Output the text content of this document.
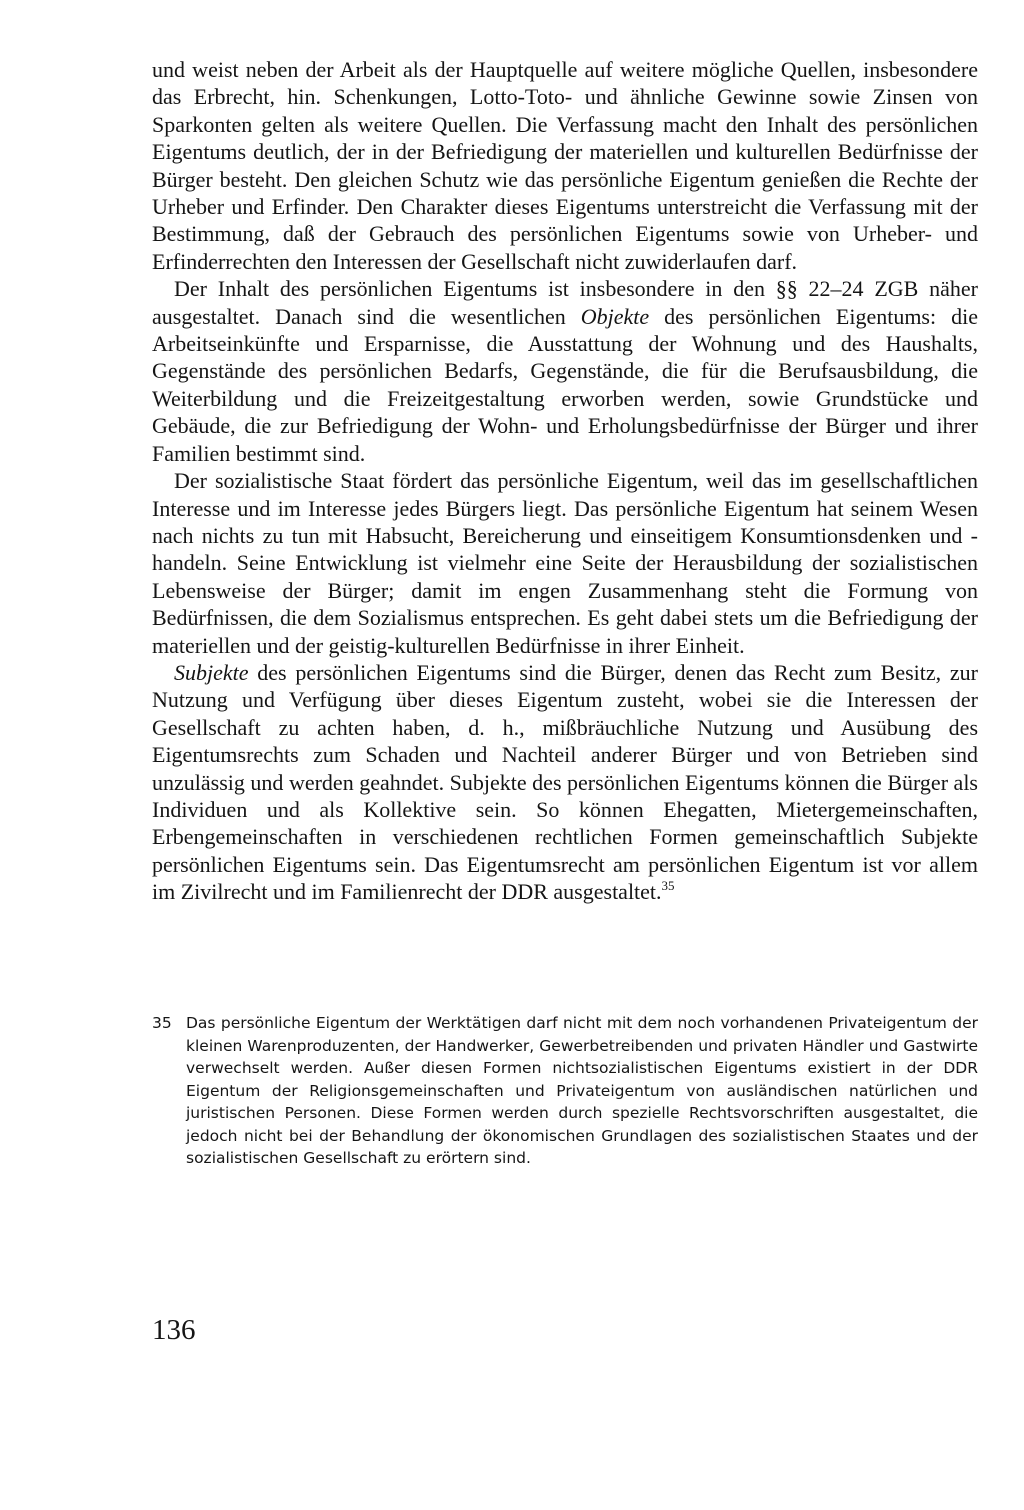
und weist neben der Arbeit als der Hauptquelle auf weitere mögliche Quellen, insbesondere das Erbrecht, hin. Schenkungen, Lotto-Toto- und ähnliche Gewinne sowie Zinsen von Sparkonten gelten als weitere Quellen. Die Verfassung macht den Inhalt des persönlichen Eigentums deutlich, der in der Befriedigung der materiellen und kulturellen Bedürfnisse der Bürger besteht. Den gleichen Schutz wie das persönliche Eigentum genießen die Rechte der Urheber und Erfinder. Den Charakter dieses Eigentums unterstreicht die Verfassung mit der Bestimmung, daß der Gebrauch des persönlichen Eigentums sowie von Urheber- und Erfinderrechten den Interessen der Gesellschaft nicht zuwiderlaufen darf.

Der Inhalt des persönlichen Eigentums ist insbesondere in den §§ 22–24 ZGB näher ausgestaltet. Danach sind die wesentlichen Objekte des persönlichen Eigentums: die Arbeitseinkünfte und Ersparnisse, die Ausstattung der Wohnung und des Haushalts, Gegenstände des persönlichen Bedarfs, Gegenstände, die für die Berufsausbildung, die Weiterbildung und die Freizeitgestaltung erworben werden, sowie Grundstücke und Gebäude, die zur Befriedigung der Wohn- und Erholungsbedürfnisse der Bürger und ihrer Familien bestimmt sind.

Der sozialistische Staat fördert das persönliche Eigentum, weil das im gesellschaftlichen Interesse und im Interesse jedes Bürgers liegt. Das persönliche Eigentum hat seinem Wesen nach nichts zu tun mit Habsucht, Bereicherung und einseitigem Konsumtionsdenken und -handeln. Seine Entwicklung ist vielmehr eine Seite der Herausbildung der sozialistischen Lebensweise der Bürger; damit im engen Zusammenhang steht die Formung von Bedürfnissen, die dem Sozialismus entsprechen. Es geht dabei stets um die Befriedigung der materiellen und der geistig-kulturellen Bedürfnisse in ihrer Einheit.

Subjekte des persönlichen Eigentums sind die Bürger, denen das Recht zum Besitz, zur Nutzung und Verfügung über dieses Eigentum zusteht, wobei sie die Interessen der Gesellschaft zu achten haben, d. h., mißbräuchliche Nutzung und Ausübung des Eigentumsrechts zum Schaden und Nachteil anderer Bürger und von Betrieben sind unzulässig und werden geahndet. Subjekte des persönlichen Eigentums können die Bürger als Individuen und als Kollektive sein. So können Ehegatten, Mietergemeinschaften, Erbengemeinschaften in verschiedenen rechtlichen Formen gemeinschaftlich Subjekte persönlichen Eigentums sein. Das Eigentumsrecht am persönlichen Eigentum ist vor allem im Zivilrecht und im Familienrecht der DDR ausgestaltet.$^{35}$

35 Das persönliche Eigentum der Werktätigen darf nicht mit dem noch vorhandenen Privateigentum der kleinen Warenproduzenten, der Handwerker, Gewerbetreibenden und privaten Händler und Gastwirte verwechselt werden. Außer diesen Formen nichtsozialistischen Eigentums existiert in der DDR Eigentum der Religionsgemeinschaften und Privateigentum von ausländischen natürlichen und juristischen Personen. Diese Formen werden durch spezielle Rechtsvorschriften ausgestaltet, die jedoch nicht bei der Behandlung der ökonomischen Grundlagen des sozialistischen Staates und der sozialistischen Gesellschaft zu erörtern sind.

136
